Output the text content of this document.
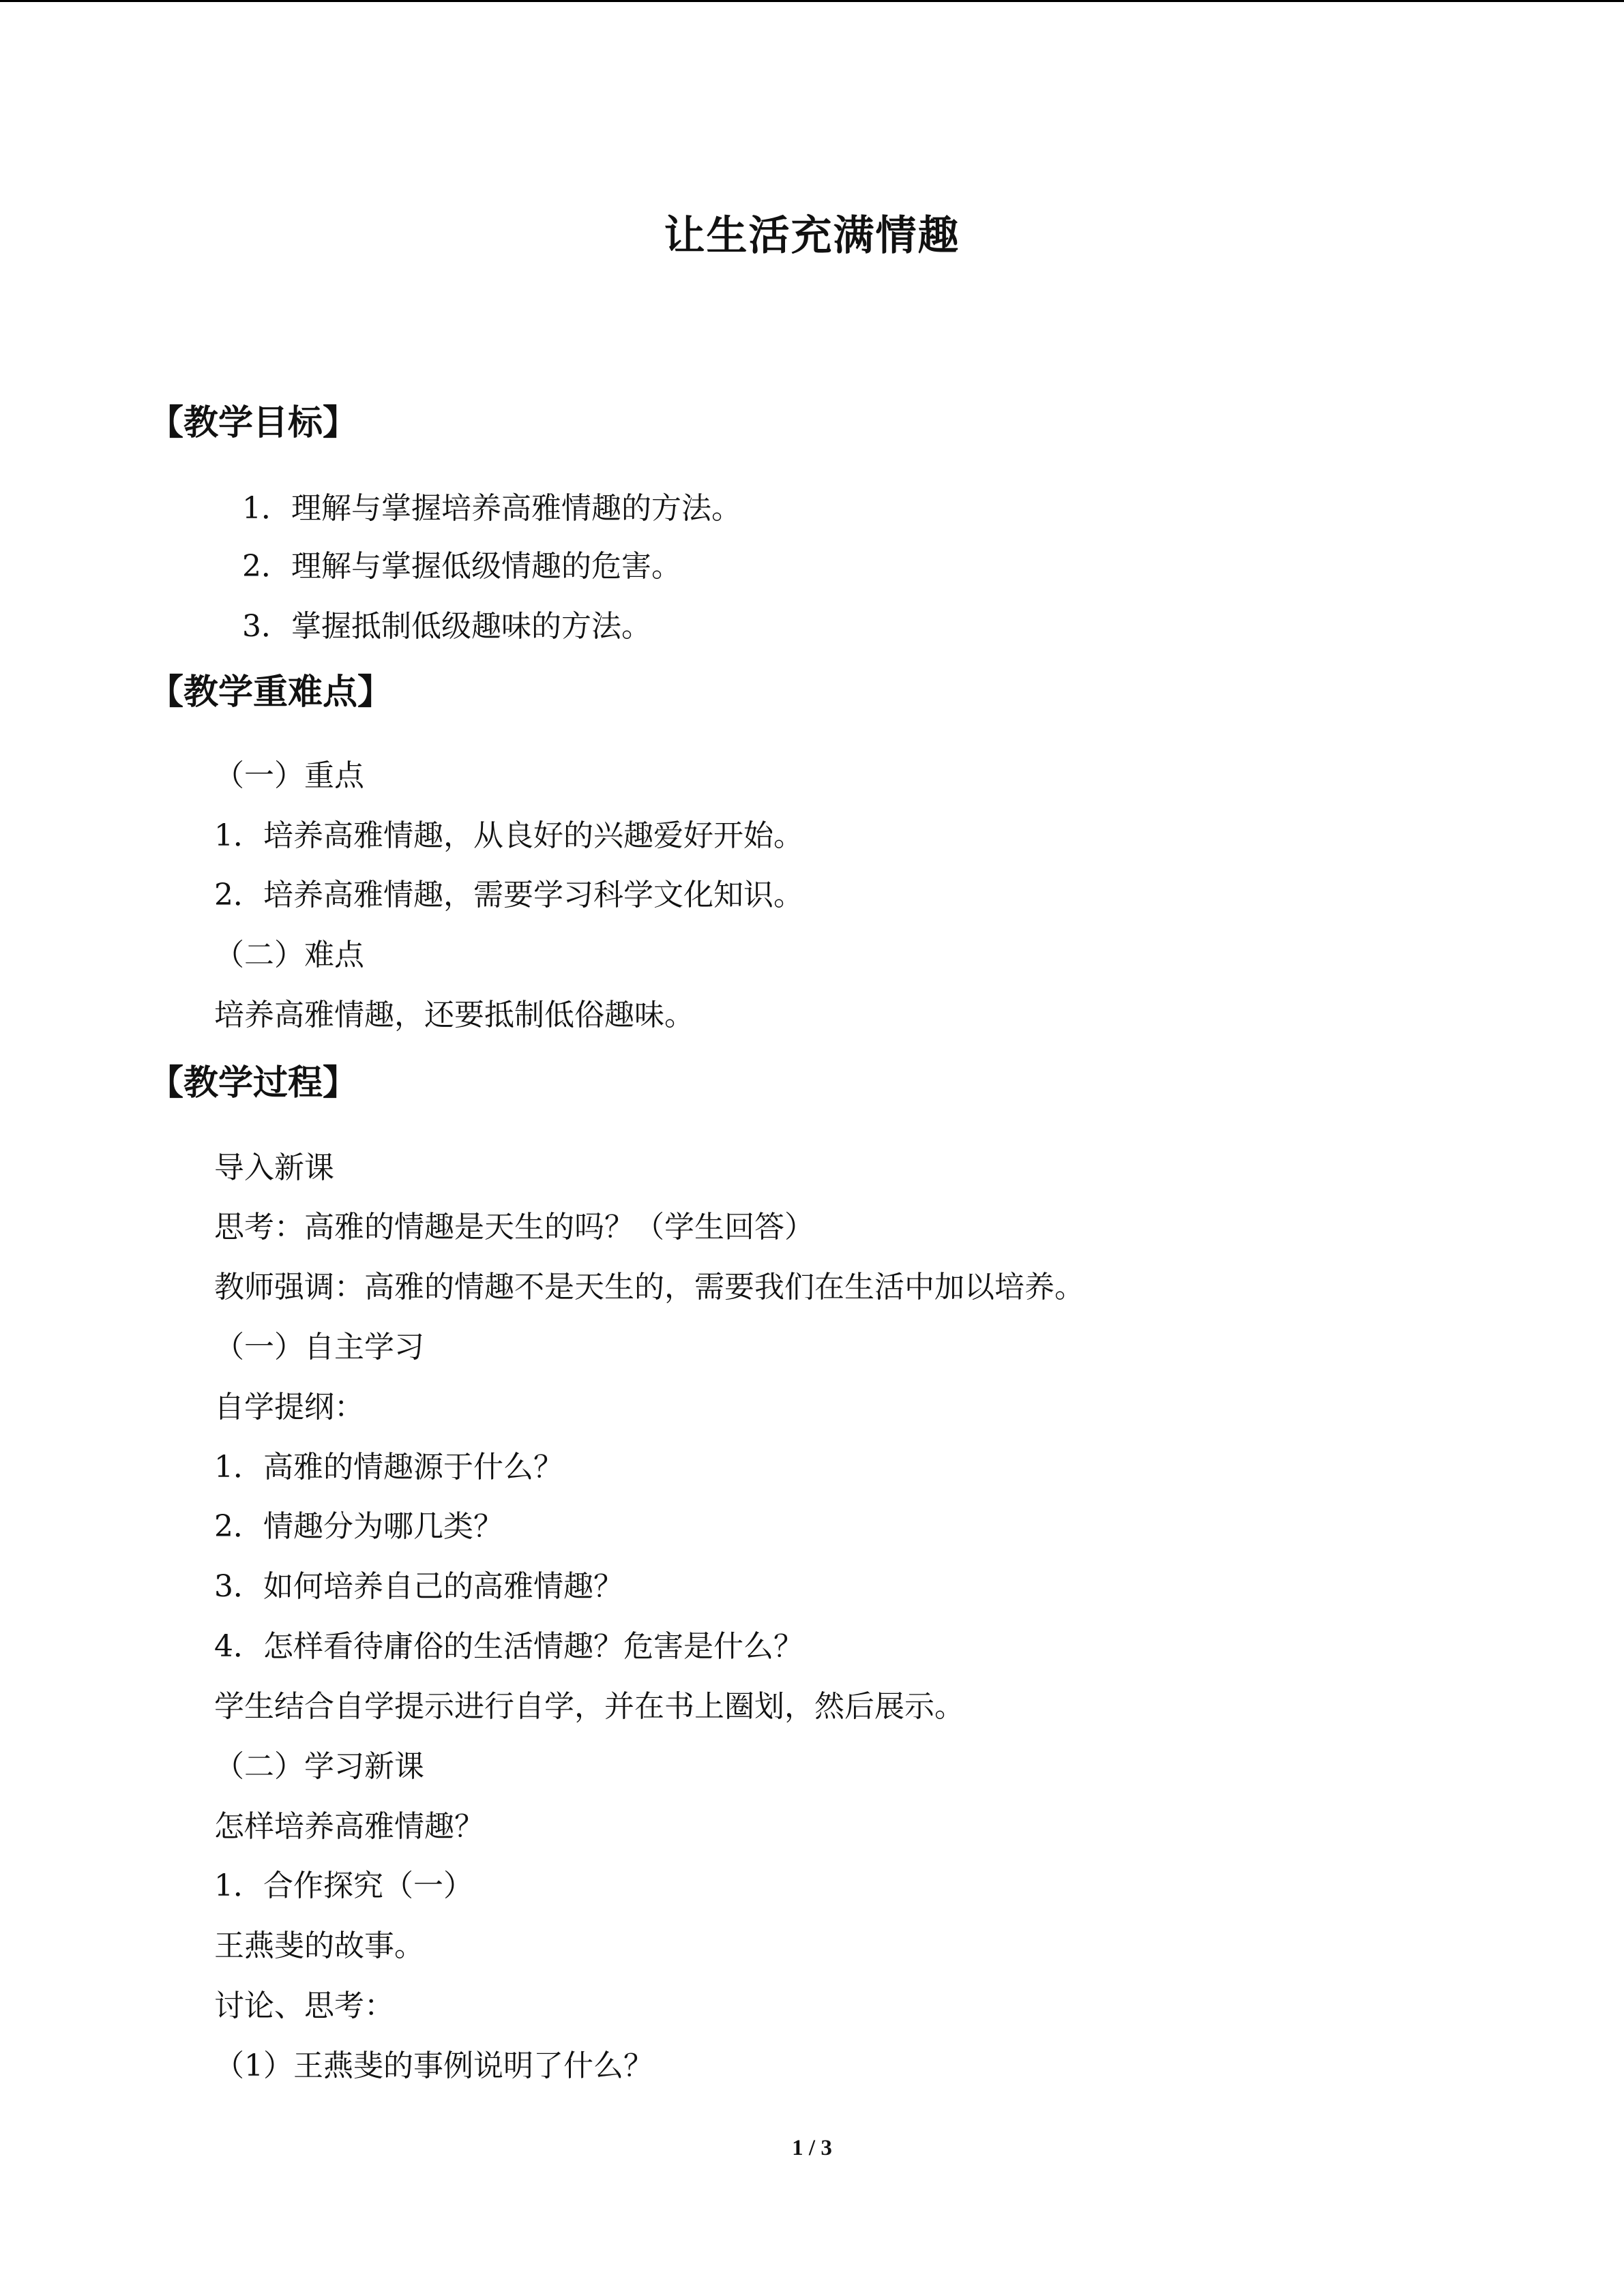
让生活充满情趣
【教学目标】
1．理解与掌握培养高雅情趣的方法。
2．理解与掌握低级情趣的危害。
3．掌握抵制低级趣味的方法。
【教学重难点】
（一）重点
1．培养高雅情趣，从良好的兴趣爱好开始。
2．培养高雅情趣，需要学习科学文化知识。
（二）难点
培养高雅情趣，还要抵制低俗趣味。
【教学过程】
导入新课
思考：高雅的情趣是天生的吗？（学生回答）
教师强调：高雅的情趣不是天生的，需要我们在生活中加以培养。
（一）自主学习
自学提纲：
1．高雅的情趣源于什么？
2．情趣分为哪几类？
3．如何培养自己的高雅情趣？
4．怎样看待庸俗的生活情趣？危害是什么？
学生结合自学提示进行自学，并在书上圈划，然后展示。
（二）学习新课
怎样培养高雅情趣？
1．合作探究（一）
王燕斐的故事。
讨论、思考：
（1）王燕斐的事例说明了什么？
1 / 3
